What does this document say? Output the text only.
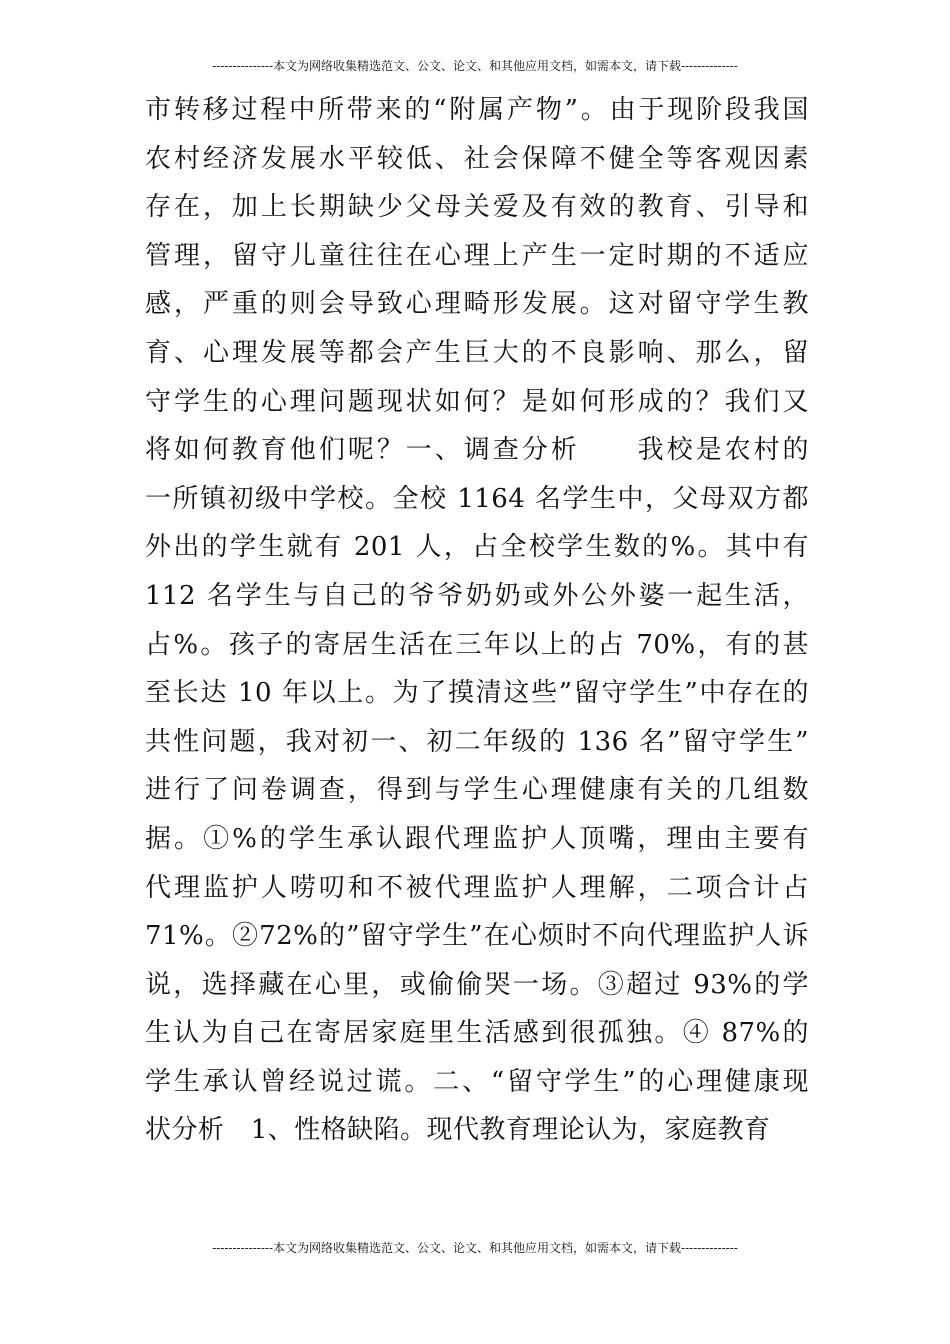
---------------本文为网络收集精选范文、公文、论文、和其他应用文档，如需本文，请下载--------------
市转移过程中所带来的“附属产物”。由于现阶段我国
农村经济发展水平较低、社会保障不健全等客观因素
存在，加上长期缺少父母关爱及有效的教育、引导和
管理，留守儿童往往在心理上产生一定时期的不适应
感，严重的则会导致心理畸形发展。这对留守学生教
育、心理发展等都会产生巨大的不良影响、那么，留
守学生的心理问题现状如何？是如何形成的？我们又
将如何教育他们呢？一、调查分析　　我校是农村的
一所镇初级中学校。全校 1164 名学生中，父母双方都
外出的学生就有 201 人，占全校学生数的%。其中有
112 名学生与自己的爷爷奶奶或外公外婆一起生活，
占%。孩子的寄居生活在三年以上的占 70%，有的甚
至长达 10 年以上。为了摸清这些”留守学生”中存在的
共性问题，我对初一、初二年级的 136 名”留守学生”
进行了问卷调查，得到与学生心理健康有关的几组数
据。①%的学生承认跟代理监护人顶嘴，理由主要有
代理监护人唠叨和不被代理监护人理解，二项合计占
71%。②72%的”留守学生”在心烦时不向代理监护人诉
说，选择藏在心里，或偷偷哭一场。③超过 93%的学
生认为自己在寄居家庭里生活感到很孤独。④ 87%的
学生承认曾经说过谎。二、“留守学生”的心理健康现
状分析　1、性格缺陷。现代教育理论认为，家庭教育
---------------本文为网络收集精选范文、公文、论文、和其他应用文档，如需本文，请下载--------------
